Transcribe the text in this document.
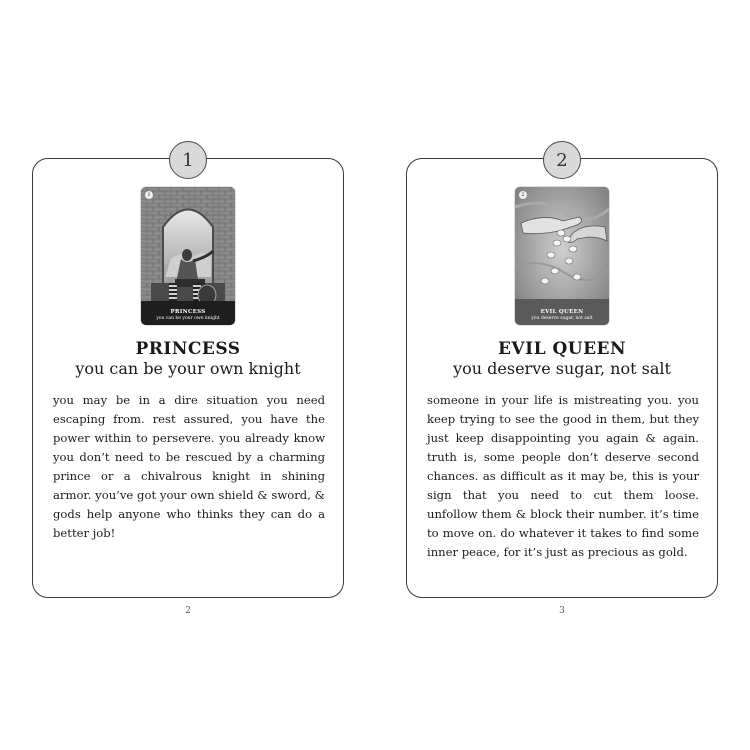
1
1
PRINCESS
you can be your own knight
PRINCESS
you can be your own knight
you may be in a dire situation you need escaping from. rest assured, you have the power within to persevere. you already know you don’t need to be rescued by a charming prince or a chivalrous knight in shining armor. you’ve got your own shield & sword, & gods help anyone who thinks they can do a better job!
2
2
2
EVIL QUEEN
you deserve sugar, not salt
EVIL QUEEN
you deserve sugar, not salt
someone in your life is mistreating you. you keep trying to see the good in them, but they just keep disappointing you again & again. truth is, some people don’t deserve second chances. as difficult as it may be, this is your sign that you need to cut them loose. unfollow them & block their number. it’s time to move on. do whatever it takes to find some inner peace, for it’s just as precious as gold.
3
